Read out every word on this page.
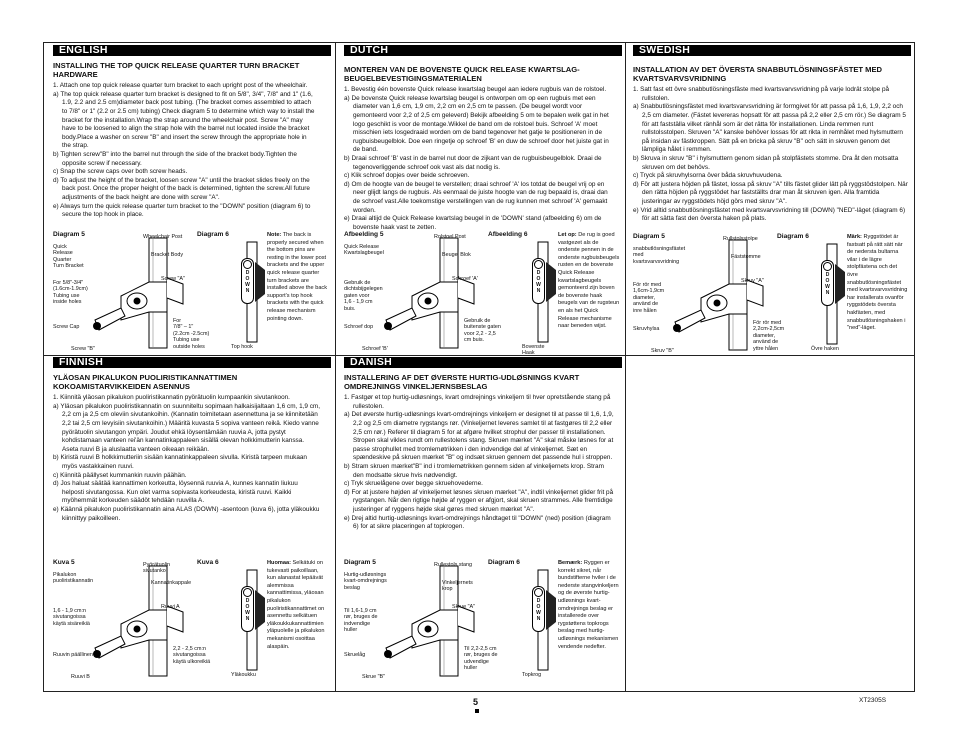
ENGLISH
INSTALLING THE TOP QUICK RELEASE QUARTER TURN BRACKET HARDWARE

1. Attach one top quick release quarter turn bracket to each upright post of the wheelchair.

a) The top quick release quarter turn bracket is designed to fit on 5/8", 3/4", 7/8" and 1" (1.6, 1.9, 2.2 and 2.5 cm)diameter back post tubing. (The bracket comes assembled to attach to 7/8" or 1" (2.2 or 2.5 cm) tubing) Check diagram 5 to determine which way to install the bracket for the installation.Wrap the strap around the wheelchair post. Screw "A" may have to be loosened to align the strap hole with the barrel nut located inside the bracket body.Place a washer on screw "B" and insert the screw through the appropriate hole in the strap.

b) Tighten screw"B" into the barrel nut through the side of the bracket body.Tighten the opposite screw if necessary.

c) Snap the screw caps over both screw heads.

d) To adjust the height of the bracket, loosen screw "A" until the bracket slides freely on the back post. Once the proper height of the back is determined, tighten the screw.All future adjustments of the back height are done with screw "A".

e) Always turn the quick release quarter turn bracket to the "DOWN" position (diagram 6) to secure the top hook in place.

DUTCH
MONTEREN VAN DE BOVENSTE QUICK RELEASE KWARTSLAG-BEUGELBEVESTIGINGSMATERIALEN

1. Bevestig één bovenste Quick release kwartslag beugel aan iedere rugbuis van de rolstoel.

a) De bovenste Quick release kwartslag beugel is ontworpen om op een rugbuis met een diameter van 1,6 cm, 1,9 cm, 2,2 cm en 2,5 cm te passen. (De beugel wordt voor gemonteerd voor 2,2 of 2,5 cm geleverd) Bekijk afbeelding 5 om te bepalen welk gat in het logo geschikt is voor de montage.Wikkel de band om de rolstoel buis. Schroef 'A' moet misschien iets losgedraaid worden om de band tegenover het gatje te positioneren in de rugbuisbeugelblok. Doe een ringetje op schroef 'B' en duw de schroef door het juiste gat in de band.

b) Draai schroef 'B' vast in de barrel nut door de zijkant van de rugbuisbeugelblok. Draai de tegenoverliggende schroef ook vast als dat nodig is.

c) Klik schroef dopjes over beide schroeven.

d) Om de hoogte van de beugel te verstellen; draai schroef 'A' los totdat de beugel vrij op en neer glijdt langs de rugbuis. Als eenmaal de juiste hoogte van de rug bepaald is, draai dan de schroef vast.Alle toekomstige verstellingen van de rug kunnen met schroef 'A' gemaakt worden.

e) Draai altijd de Quick Release kwartslag beugel in de 'DOWN' stand (afbeelding 6) om de bovenste haak vast te zetten.

SWEDISH
INSTALLATION AV DET ÖVERSTA SNABBUTLÖSNINGSFÄSTET MED KVARTSVARVSVRIDNING

1. Satt fast ett övre snabbutlösningsfäste med kvartsvarvsvridning på varje lodrät stolpe på rullstolen.

a) Snabbutlösningsfästet med kvartsvarvsvridning är formgivet för att passa på 1,6, 1,9, 2,2 och 2,5 cm diameter. (Fästet levereras hopsatt för att passa på 2,2 eller 2,5 cm rör.) Se diagram 5 för att fastställa vilket ränhål som är det rätta för installationen. Linda remmen runt rullstolsstolpen. Skruven "A" kanske behöver lossas för att rikta in remhålet med hylsmuttern på insidan av fästkroppen. Sätt på en bricka på skruv "B" och sätt in skruven genom det lämpliga hålet i remmen.

b) Skruva in skruv "B" i hylsmuttern genom sidan på stolpfästets stomme. Dra åt den motsatta skruven om det behövs.

c) Tryck på skruvhylsorna över båda skruvhuvudena.

d) För att justera höjden på fästet, lossa på skruv "A" tills fästet glider lätt på ryggstödstolpen. När den rätta höjden på ryggstödet har fastställts drar man åt skruven igen. Alla framtida justeringar av ryggstödets höjd görs med skruv "A".

e) Vrid alltid snabbutlösningsfästet med kvartsvarvsvridning till (DOWN) "NED"-läget (diagram 6) för att sätta fast den översta haken på plats.

FINNISH
YLÄOSAN PIKALUKON PUOLIRISTIKANNATTIMEN KOKOAMISTARVIKKEIDEN ASENNUS

1. Kiinnitä yläosan pikalukon puoliristikannatin pyörätuolin kumpaankin sivutankoon.

a) Yläosan pikalukon puoliristikannatin on suunniteltu sopimaan halkaisijaltaan 1,6 cm, 1,9 cm, 2,2 cm ja 2,5 cm oleviin sivutankoihin. (Kannatin toimitetaan asennettuna ja se kiinnitetään 2,2 tai 2,5 cm levyisiin sivutankoihin.) Määritä kuvasta 5 sopiva vanteen reikä. Kiedo vanne pyörätuolin sivutangon ympäri. Joudut ehkä löysentämään ruuvia A, jotta pystyt kohdistamaan vanteen rei'än kannatinkappaleen sisällä olevan holkkimutterin kanssa. Aseta ruuvi B ja aluslaatta vanteen oikeaan reikään.

b) Kiristä ruuvi B holkkimutteriin sisään kannatinkappaleen sivulla. Kiristä tarpeen mukaan myös vastakkainen ruuvi.

c) Kiinnitä päällyset kummankin ruuvin päähän.

d) Jos haluat säätää kannattimen korkeutta, löysennä ruuvia A, kunnes kannatin liukuu helposti sivutangossa. Kun olet varma sopivasta korkeudesta, kiristä ruuvi. Kaikki myöhemmät korkeuden säädöt tehdään ruuvilla A.

e) Käännä pikalukon puoliristikannatin aina ALAS (DOWN) -asentoon (kuva 6), jotta yläkoukku kiinnittyy paikoilleen.

DANISH
INSTALLERING AF DET ØVERSTE HURTIG-UDLØSNINGS KVART OMDREJNINGS VINKELJERNSBESLAG

1. Fastgør et top hurtig-udløsnings, kvart omdrejnings vinkeljern til hver opretstående stang på rullestolen.

a) Det øverste hurtig-udløsnings kvart-omdrejnings vinkeljern er designet til at passe til 1,6, 1,9, 2,2 og 2,5 cm diametre rygstangs rør. (Vinkeljernet leveres samlet til at fastgøres til 2,2 eller 2,5 cm rør.) Referer til diagram 5 for at afgøre hvilket strophul der passer til installationen. Stropen skal vikles rundt om rullestolens stang. Skruen mærket "A" skal måske løsnes for at passe strophullet med tromlemøtrikken i den indvendige del af vinkeljernet. Sæt en spændeskive på skruen mærket "B" og indsæt skruen gennem det passende hul i stroppen.

b) Stram skruen mærket"B" ind i tromlemøtrikken gennem siden af vinkeljernets krop. Stram den modsatte skrue hvis nødvendigt.

c) Tryk skruelågene over begge skruehovederne.

d) For at justere højden af vinkeljernet løsnes skruen mærket "A", indtil vinkeljernet glider frit på rygstangen. Når den rigtige højde af ryggen er afgjort, skal skruen strammes. Alle fremtidige justeringer af ryggens højde skal gøres med skruen mærket "A".

e) Drej altid hurtig-udløsnings kvart-omdrejnings håndtaget til "DOWN" (ned) position (diagram 6) for at sikre placeringen af topkrogen.

Diagram 5	Diagram 6
D
O
W
N
Wheelchair Post
Quick
Release
Quarter
Turn Bracket
Bracket Body
For 5/8"-3/4"
(1.6cm-1.9cm)
Tubing use
inside holes
Screw "A"
Screw Cap
Screw "B"
For
7/8" – 1"
(2.2cm -2.5cm)
Tubing use
outside holes	Top hook
Note: The back is properly secured when the bottom pins are resting in the lower post brackets and the upper quick release quarter turn brackets are installed above the back support's top hook brackets with the quick release mechanism pointing down.
Afbeelding 5	Afbeelding 6
D
O
W
N
Rolstoel Post
Quick Release
Kwartslagbeugel	Beugel Blok
Gebruik de
dichtsbijgelegen
gaten voor
1,6 - 1,9 cm
buis.
Schroef 'A'
Schroef dop
Schroef 'B'
Gebruik de
buitenste gaten
voor 2,2 - 2,5
cm buis.
Bovenste
Haak
Let op: De rug is goed vastgezet als de onderste pennen in de onderste rugbuisbeugels rusten en de bovenste Quick Release kwartslagbeugels gemonteerd zijn boven de bovenste haak beugels van de rugsteun en als het Quick Release mechanisme naar beneden wijst.
Diagram 5	Diagram 6
D
O
W
N
Rullstolsstolpe
snabbutlösningsfästet
med
kvartsvarvsvridning
Fäststomme
För rör med
1,6cm-1,9cm
diameter,
använd de
inre hålen
Skruv "A"
Skruvhylsa
Skruv "B"
För rör med
2,2cm-2,5cm
diameter,
använd de
yttre hålen	Övre haken
Märk: Ryggstödet är fastsatt på rätt sätt när de nedersta bultarna vilar i de lägre stolpfästena och det övre snabbutlösningsfästet med kvartsvarvsvridning har installerats ovanför ryggstödets översta hakfästen, med snabbutlösningshaken i "ned"-läget.
Kuva 5	Kuva 6
D
O
W
N
Pyörätuolin
sivutanko
Pikalukon
puoliristikannatin	Kannatinkappale
1,6 - 1,9 cm:n
sivutangoissa
käytä sisäreikiä
Ruuvi A
Ruuvin päällinen
Ruuvi B
2,2 - 2,5 cm:n
sivutangoissa
käytä ulkoreikiä
Yläkoukku
Huomaa: Selkätuki on tukevasti paikoillaan, kun alanastat lepäävät alemmissa kannattimissa, yläosan pikalukon puoliristikannattimet on asennettu selkätuen yläkoukkukannattimien yläpuolelle ja pikalukon mekanismi osoittaa alaspäin.
Diagram 5	Diagram 6
D
O
W
N
Rullestols stang
Hurtig-udløsnings
kvart-omdrejnings
beslag
Vinkeljernets
krop
Til 1,6-1,9 cm
rør, bruges de
indvendige
huller
Skrue "A"
Skruelåg
Skrue "B"
Til 2,2-2,5 cm
rør, bruges de
udvendige
huller
Topkrog
Bemærk: Ryggen er korrekt sikret, når bundstifterne hviler i de nederste stangvinkeljern og de øverste hurtig-udløsnings kvart-omdrejnings beslag er installerede over rygstøttens topkrogs beslag med hurtig-udløsnings mekanismen vendende nedefter.
5	XT2305S
